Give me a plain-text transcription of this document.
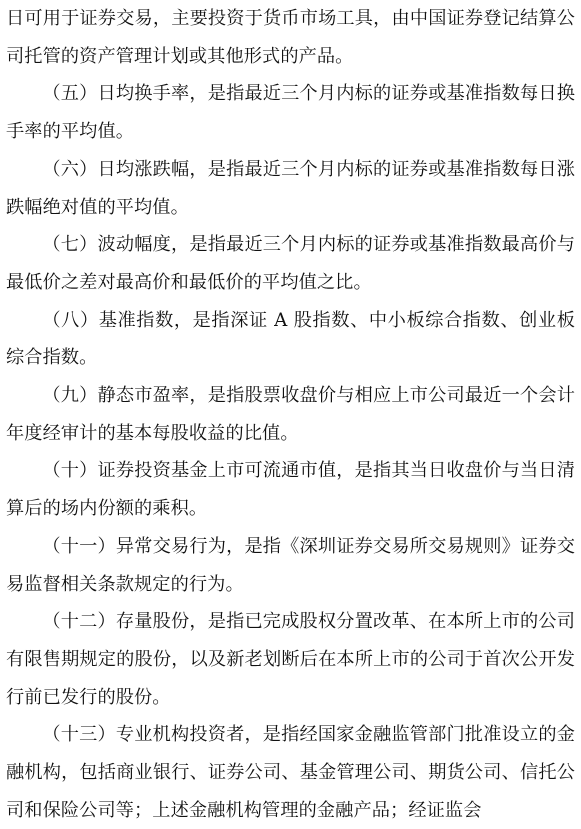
日可用于证券交易，主要投资于货币市场工具，由中国证券登记结算公司托管的资产管理计划或其他形式的产品。

（五）日均换手率，是指最近三个月内标的证券或基准指数每日换手率的平均值。

（六）日均涨跌幅，是指最近三个月内标的证券或基准指数每日涨跌幅绝对值的平均值。

（七）波动幅度，是指最近三个月内标的证券或基准指数最高价与最低价之差对最高价和最低价的平均值之比。

（八）基准指数，是指深证 A 股指数、中小板综合指数、创业板综合指数。

（九）静态市盈率，是指股票收盘价与相应上市公司最近一个会计年度经审计的基本每股收益的比值。

（十）证券投资基金上市可流通市值，是指其当日收盘价与当日清算后的场内份额的乘积。

（十一）异常交易行为，是指《深圳证券交易所交易规则》证券交易监督相关条款规定的行为。

（十二）存量股份，是指已完成股权分置改革、在本所上市的公司有限售期规定的股份，以及新老划断后在本所上市的公司于首次公开发行前已发行的股份。

（十三）专业机构投资者，是指经国家金融监管部门批准设立的金融机构，包括商业银行、证券公司、基金管理公司、期货公司、信托公司和保险公司等；上述金融机构管理的金融产品；经证监会
